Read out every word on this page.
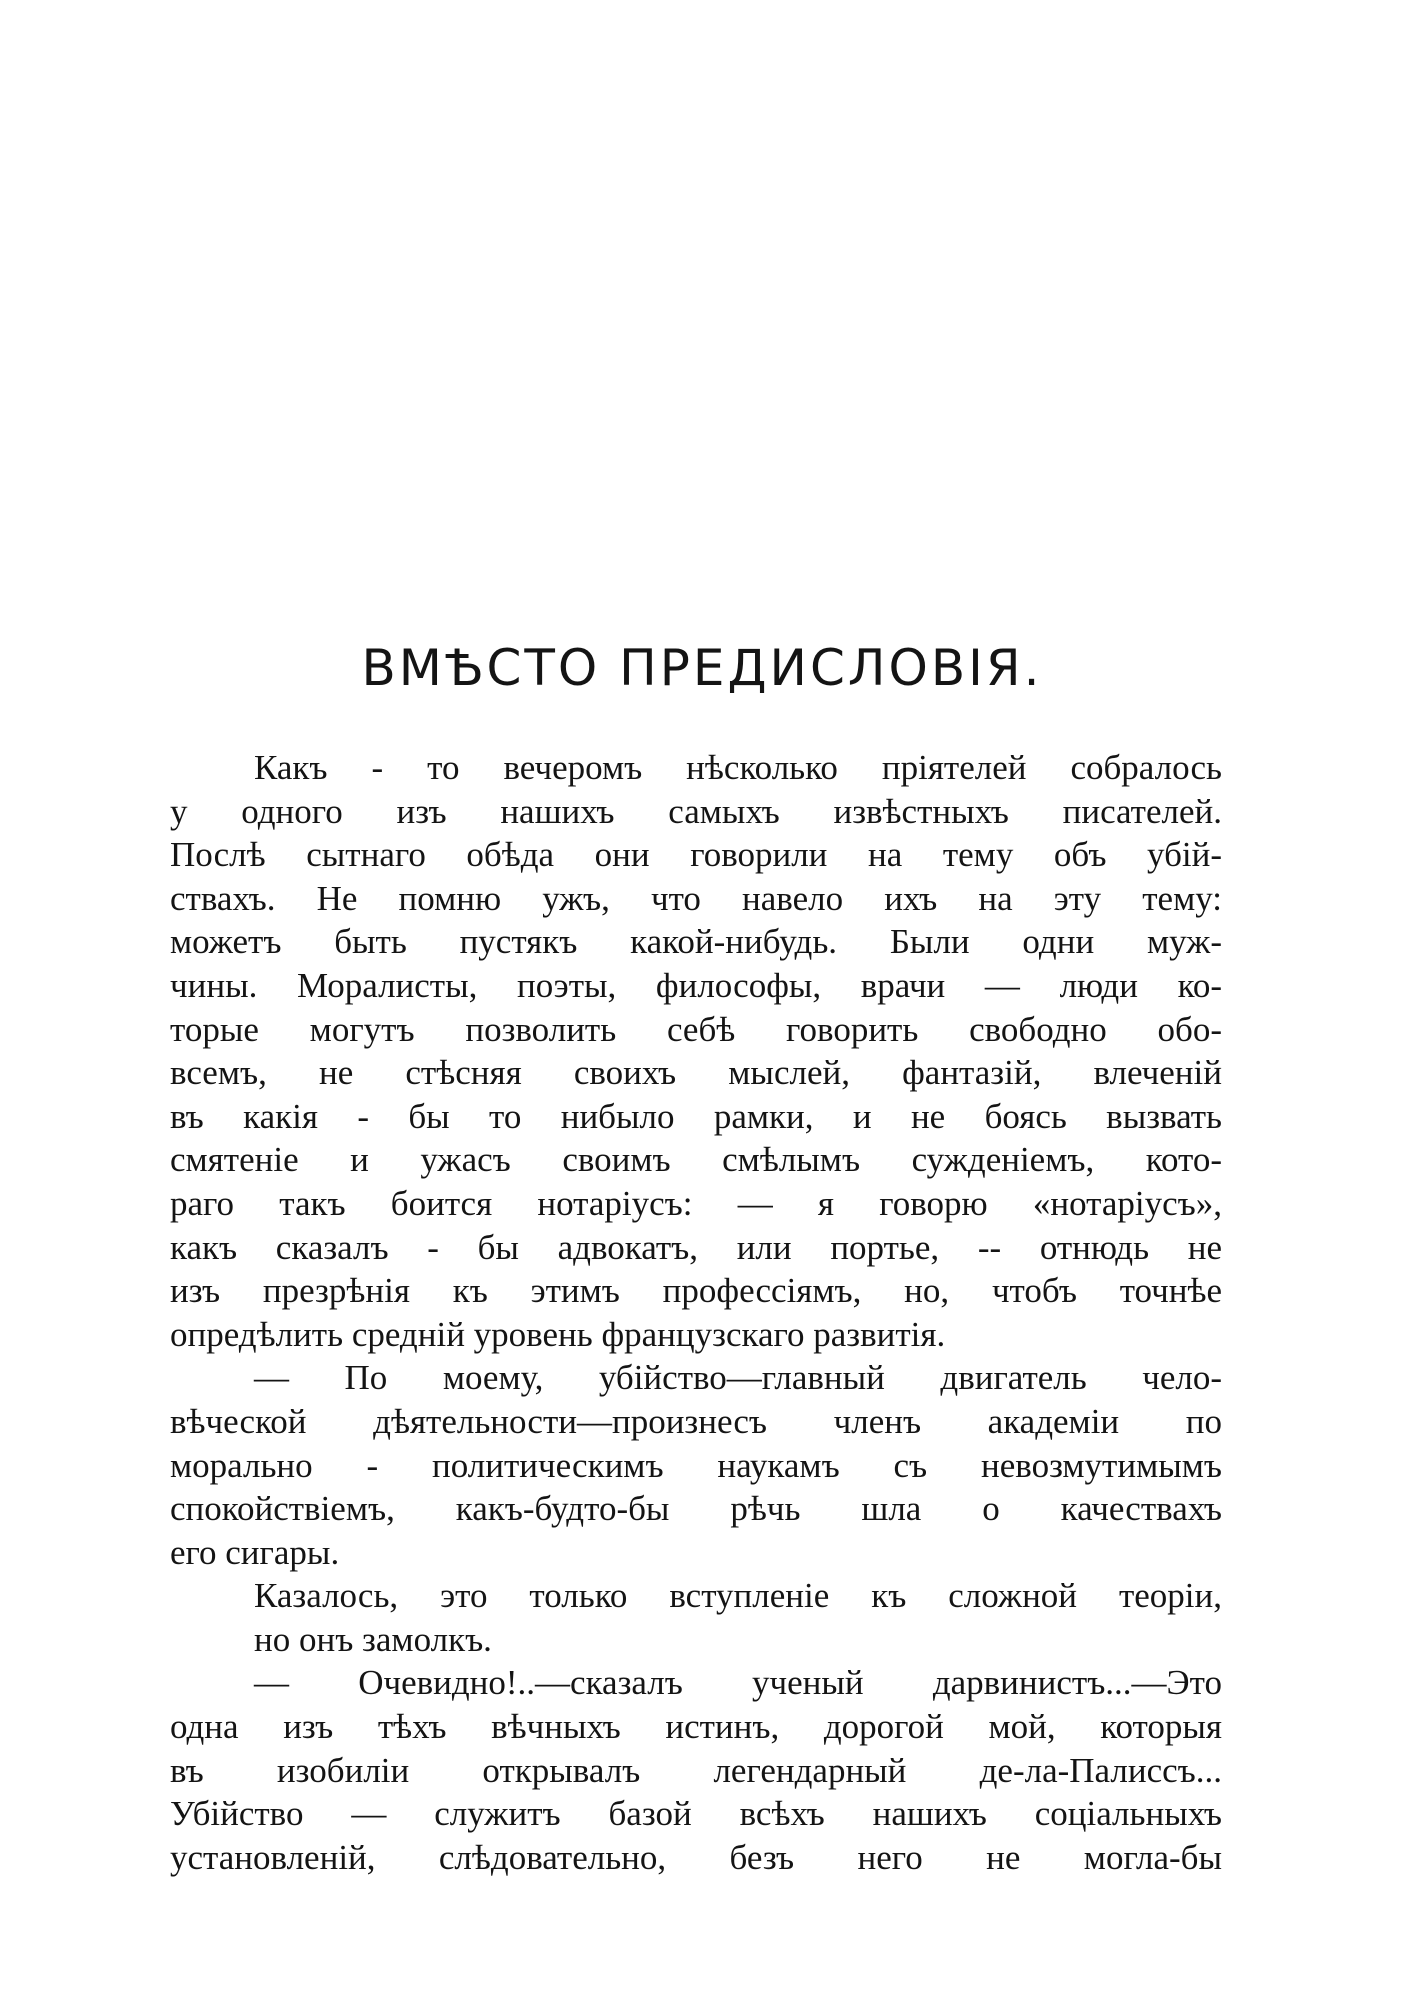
ВМѢСТО ПРЕДИСЛОВІЯ.
Какъ - то вечеромъ нѣсколько пріятелей собралось
у одного изъ нашихъ самыхъ извѣстныхъ писателей.
Послѣ сытнаго обѣда они говорили на тему объ убій-
ствахъ. Не помню ужъ, что навело ихъ на эту тему:
можетъ быть пустякъ какой-нибудь. Были одни муж-
чины. Моралисты, поэты, философы, врачи — люди ко-
торые могутъ позволить себѣ говорить свободно обо-
всемъ, не стѣсняя своихъ мыслей, фантазій, влеченій
въ какія - бы то нибыло рамки, и не боясь вызвать
смятеніе и ужасъ своимъ смѣлымъ сужденіемъ, кото-
раго такъ боится нотаріусъ: — я говорю «нотаріусъ»,
какъ сказалъ - бы адвокатъ, или портье, -- отнюдь не
изъ презрѣнія къ этимъ профессіямъ, но, чтобъ точнѣе
опредѣлить средній уровень французскаго развитія.
— По моему, убійство—главный двигатель чело-
вѣческой дѣятельности—произнесъ членъ академіи по
морально - политическимъ наукамъ съ невозмутимымъ
спокойствіемъ, какъ-будто-бы рѣчь шла о качествахъ
его сигары.
Казалось, это только вступленіе къ сложной теоріи,
но онъ замолкъ.
— Очевидно!..—сказалъ ученый дарвинистъ...—Это
одна изъ тѣхъ вѣчныхъ истинъ, дорогой мой, которыя
въ изобиліи открывалъ легендарный де-ла-Палиссъ...
Убійство — служитъ базой всѣхъ нашихъ соціальныхъ
установленій, слѣдовательно, безъ него не могла-бы
